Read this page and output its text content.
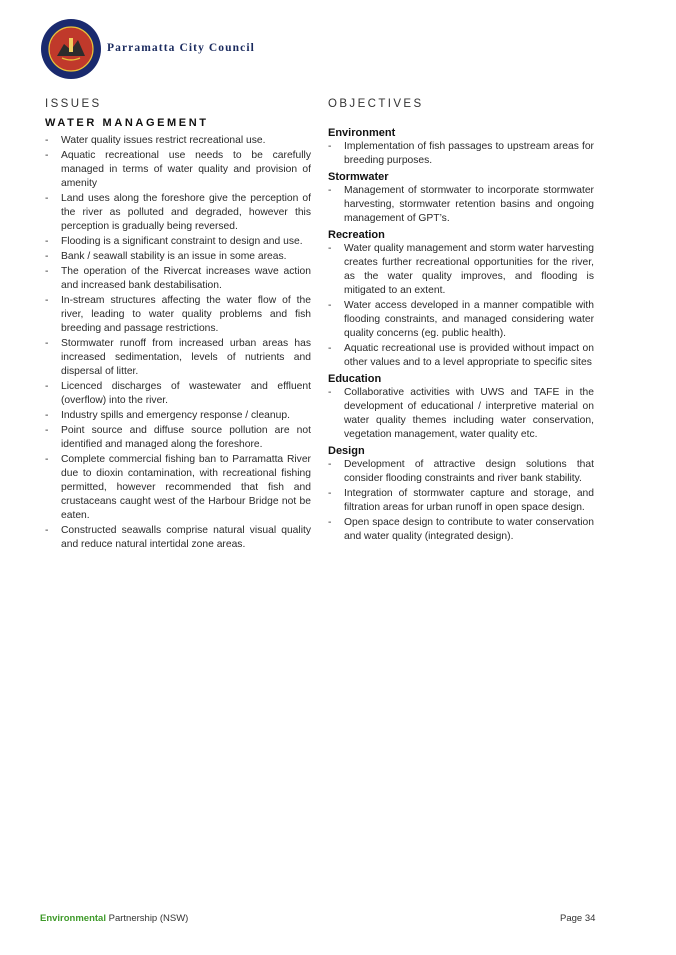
Parramatta City Council
ISSUES
WATER MANAGEMENT
- Water quality issues restrict recreational use.
- Aquatic recreational use needs to be carefully managed in terms of water quality and provision of amenity
- Land uses along the foreshore give the perception of the river as polluted and degraded, however this perception is gradually being reversed.
- Flooding is a significant constraint to design and use.
- Bank / seawall stability is an issue in some areas.
- The operation of the Rivercat increases wave action and increased bank destabilisation.
- In-stream structures affecting the water flow of the river, leading to water quality problems and fish breeding and passage restrictions.
- Stormwater runoff from increased urban areas has increased sedimentation, levels of nutrients and dispersal of litter.
- Licenced discharges of wastewater and effluent (overflow) into the river.
- Industry spills and emergency response / cleanup.
- Point source and diffuse source pollution are not identified and managed along the foreshore.
- Complete commercial fishing ban to Parramatta River due to dioxin contamination, with recreational fishing permitted, however recommended that fish and crustaceans caught west of the Harbour Bridge not be eaten.
- Constructed seawalls comprise natural visual quality and reduce natural intertidal zone areas.
OBJECTIVES
Environment
- Implementation of fish passages to upstream areas for breeding purposes.
Stormwater
- Management of stormwater to incorporate stormwater harvesting, stormwater retention basins and ongoing management of GPT’s.
Recreation
- Water quality management and storm water harvesting creates further recreational opportunities for the river, as the water quality improves, and flooding is mitigated to an extent.
- Water access developed in a manner compatible with flooding constraints, and managed considering water quality concerns (eg. public health).
- Aquatic recreational use is provided without impact on other values and to a level appropriate to specific sites
Education
- Collaborative activities with UWS and TAFE in the development of educational / interpretive material on water quality themes including water conservation, vegetation management, water quality etc.
Design
- Development of attractive design solutions that consider flooding constraints and river bank stability.
- Integration of stormwater capture and storage, and filtration areas for urban runoff in open space design.
- Open space design to contribute to water conservation and water quality (integrated design).
Environmental Partnership (NSW)	Page 34
